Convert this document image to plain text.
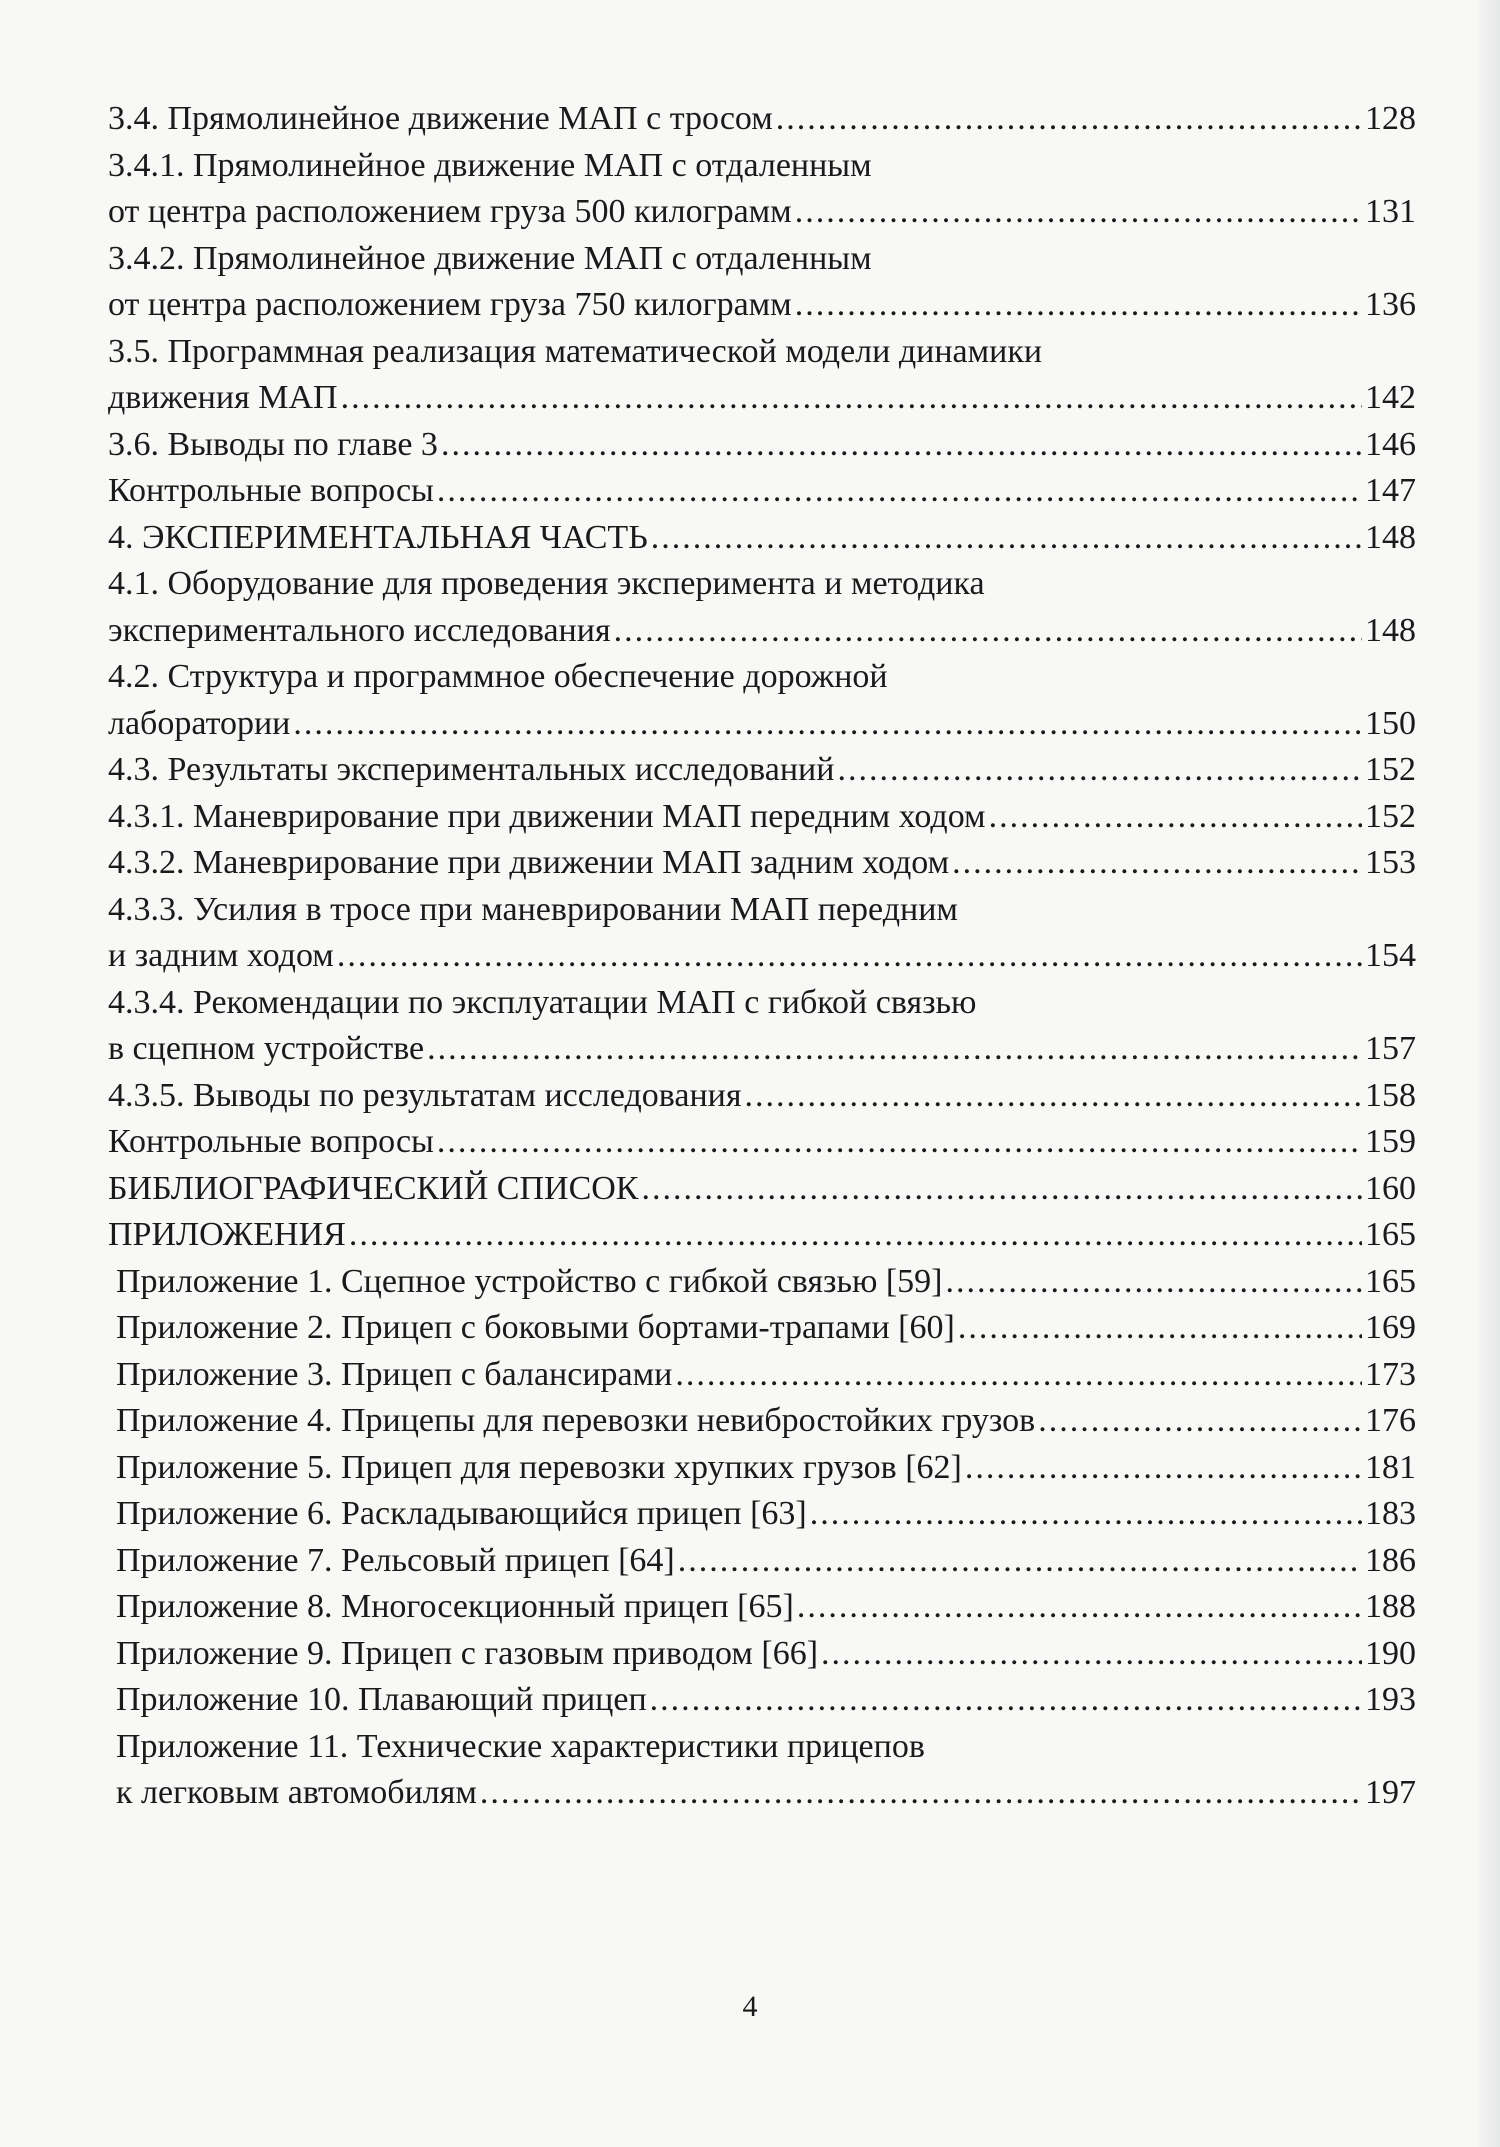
3.4. Прямолинейное движение МАП с тросом .....	128
3.4.1. Прямолинейное движение МАП с отдаленным
от центра расположением груза 500 килограмм .....	131
3.4.2. Прямолинейное движение МАП с отдаленным
от центра расположением груза 750 килограмм .....	136
3.5. Программная реализация математической модели динамики
движения МАП .....	142
3.6. Выводы по главе 3 .....	146
Контрольные вопросы .....	147
4. ЭКСПЕРИМЕНТАЛЬНАЯ ЧАСТЬ .....	148
4.1. Оборудование для проведения эксперимента и методика
экспериментального исследования .....	148
4.2. Структура и программное обеспечение дорожной
лаборатории .....	150
4.3. Результаты экспериментальных исследований .....	152
4.3.1. Маневрирование при движении МАП передним ходом .....	152
4.3.2. Маневрирование при движении МАП задним ходом .....	153
4.3.3. Усилия в тросе при маневрировании МАП передним
и задним ходом .....	154
4.3.4. Рекомендации по эксплуатации МАП с гибкой связью
в сцепном устройстве .....	157
4.3.5. Выводы по результатам исследования .....	158
Контрольные вопросы .....	159
БИБЛИОГРАФИЧЕСКИЙ СПИСОК .....	160
ПРИЛОЖЕНИЯ .....	165
Приложение 1. Сцепное устройство с гибкой связью [59] .....	165
Приложение 2. Прицеп с боковыми бортами-трапами [60] .....	169
Приложение 3. Прицеп с балансирами .....	173
Приложение 4. Прицепы для перевозки невибростойких грузов .....	176
Приложение 5. Прицеп для перевозки хрупких грузов [62] .....	181
Приложение 6. Раскладывающийся прицеп [63] .....	183
Приложение 7. Рельсовый прицеп [64] .....	186
Приложение 8. Многосекционный прицеп [65] .....	188
Приложение 9. Прицеп с газовым приводом [66] .....	190
Приложение 10. Плавающий прицеп .....	193
Приложение 11. Технические характеристики прицепов
к легковым автомобилям .....	197
4
